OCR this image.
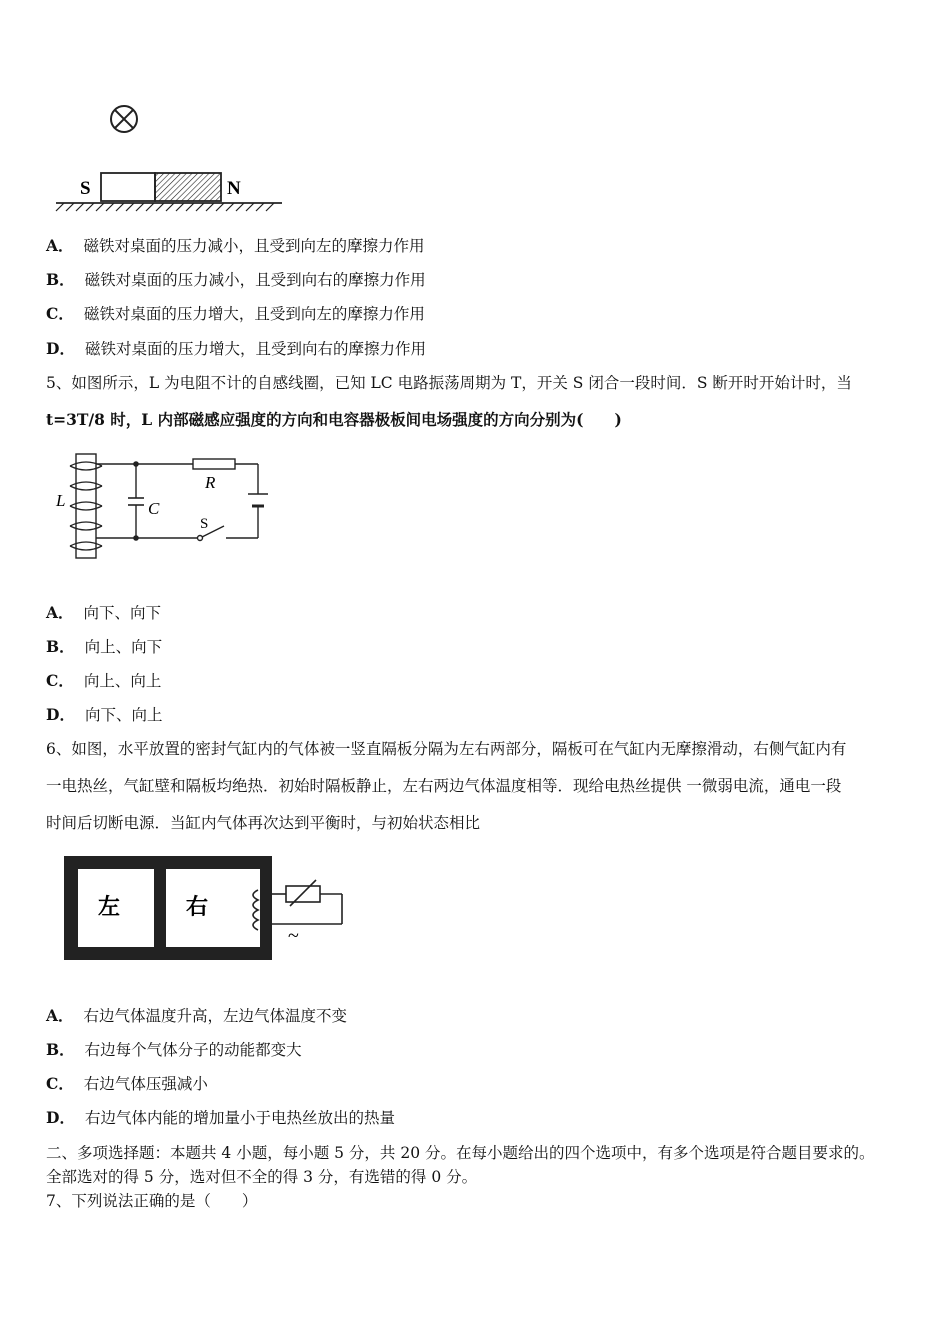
S	N
A． 磁铁对桌面的压力减小，且受到向左的摩擦力作用
B． 磁铁对桌面的压力减小，且受到向右的摩擦力作用
C． 磁铁对桌面的压力增大，且受到向左的摩擦力作用
D． 磁铁对桌面的压力增大，且受到向右的摩擦力作用
5、如图所示，L 为电阻不计的自感线圈，已知 LC 电路振荡周期为 T，开关 S 闭合一段时间．S 断开时开始计时，当
t=3T/8 时，L 内部磁感应强度的方向和电容器极板间电场强度的方向分别为(　　)
L	C
R
S
A． 向下、向下
B． 向上、向下
C． 向上、向上
D． 向下、向上
6、如图，水平放置的密封气缸内的气体被一竖直隔板分隔为左右两部分，隔板可在气缸内无摩擦滑动，右侧气缸内有
一电热丝，气缸壁和隔板均绝热．初始时隔板静止，左右两边气体温度相等．现给电热丝提供 一微弱电流，通电一段
时间后切断电源．当缸内气体再次达到平衡时，与初始状态相比
左	右
~
A． 右边气体温度升高，左边气体温度不变
B． 右边每个气体分子的动能都变大
C． 右边气体压强减小
D． 右边气体内能的增加量小于电热丝放出的热量
二、多项选择题：本题共 4 小题，每小题 5 分，共 20 分。在每小题给出的四个选项中，有多个选项是符合题目要求的。
全部选对的得 5 分，选对但不全的得 3 分，有选错的得 0 分。
7、下列说法正确的是（　　）
